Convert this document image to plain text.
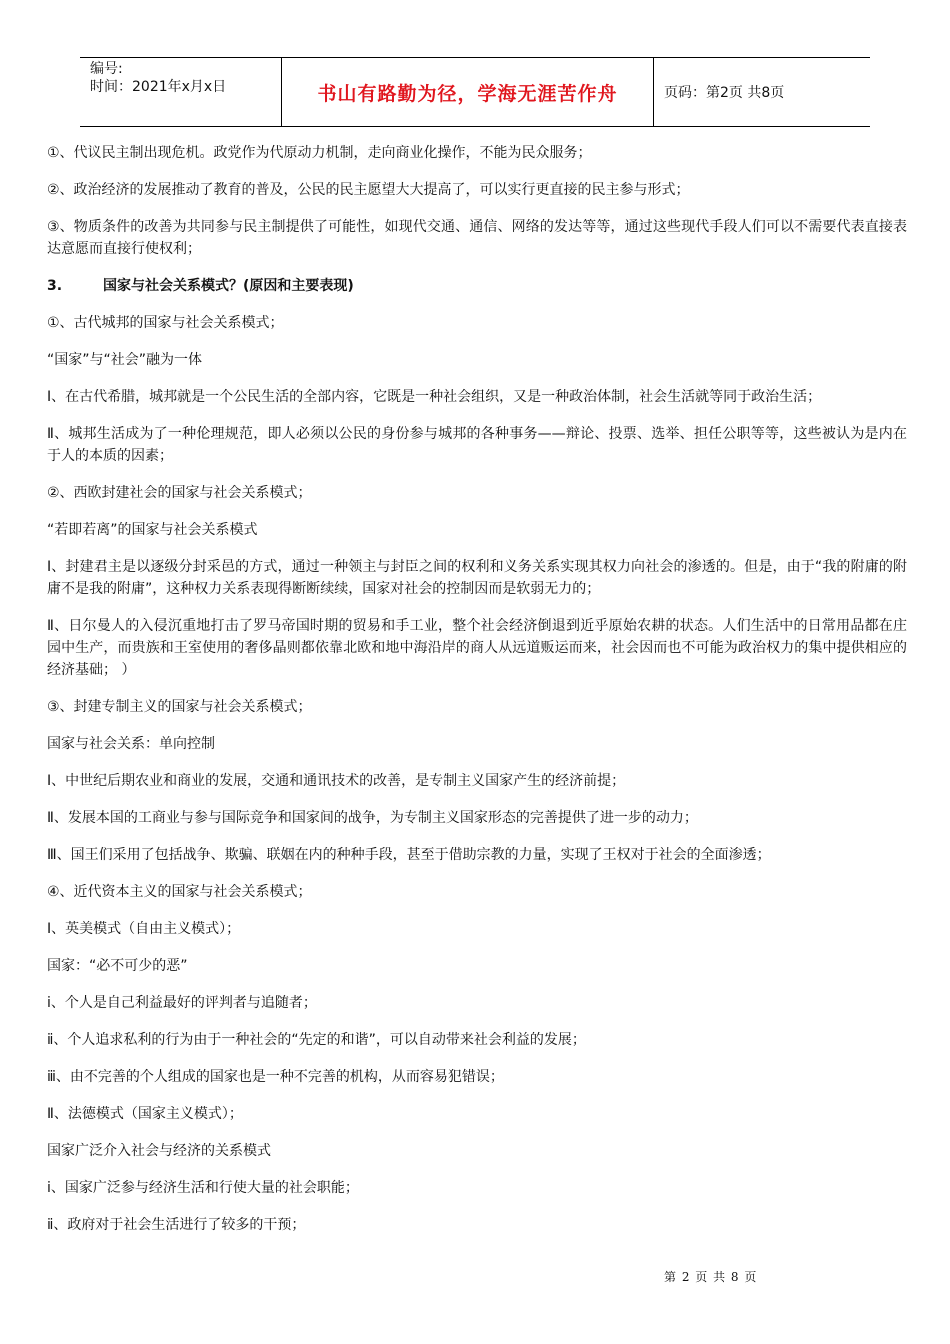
编号:
时间：2021年x月x日	书山有路勤为径，学海无涯苦作舟	页码：第2页 共8页

①、代议民主制出现危机。政党作为代原动力机制，走向商业化操作，不能为民众服务；

②、政治经济的发展推动了教育的普及，公民的民主愿望大大提高了，可以实行更直接的民主参与形式；

③、物质条件的改善为共同参与民主制提供了可能性，如现代交通、通信、网络的发达等等，通过这些现代手段人们可以不需要代表直接表达意愿而直接行使权利；

3.	国家与社会关系模式？(原因和主要表现)

①、古代城邦的国家与社会关系模式；

“国家”与“社会”融为一体

Ⅰ、在古代希腊，城邦就是一个公民生活的全部内容，它既是一种社会组织，又是一种政治体制，社会生活就等同于政治生活；

Ⅱ、城邦生活成为了一种伦理规范，即人必须以公民的身份参与城邦的各种事务——辩论、投票、选举、担任公职等等，这些被认为是内在于人的本质的因素；

②、西欧封建社会的国家与社会关系模式；

“若即若离”的国家与社会关系模式

Ⅰ、封建君主是以逐级分封采邑的方式，通过一种领主与封臣之间的权利和义务关系实现其权力向社会的渗透的。但是，由于“我的附庸的附庸不是我的附庸”，这种权力关系表现得断断续续，国家对社会的控制因而是软弱无力的；

Ⅱ、日尔曼人的入侵沉重地打击了罗马帝国时期的贸易和手工业，整个社会经济倒退到近乎原始农耕的状态。人们生活中的日常用品都在庄园中生产，而贵族和王室使用的奢侈晶则都依靠北欧和地中海沿岸的商人从远道贩运而来，社会因而也不可能为政治权力的集中提供相应的经济基础； ）

③、封建专制主义的国家与社会关系模式；

国家与社会关系：单向控制

Ⅰ、中世纪后期农业和商业的发展，交通和通讯技术的改善，是专制主义国家产生的经济前提；

Ⅱ、发展本国的工商业与参与国际竞争和国家间的战争，为专制主义国家形态的完善提供了进一步的动力；

Ⅲ、国王们采用了包括战争、欺骗、联姻在内的种种手段，甚至于借助宗教的力量，实现了王权对于社会的全面渗透；

④、近代资本主义的国家与社会关系模式；

Ⅰ、英美模式（自由主义模式）；

国家：“必不可少的恶”

ⅰ、个人是自己利益最好的评判者与追随者；

ⅱ、个人追求私利的行为由于一种社会的“先定的和谐”，可以自动带来社会利益的发展；

ⅲ、由不完善的个人组成的国家也是一种不完善的机构，从而容易犯错误；

Ⅱ、法德模式（国家主义模式）；

国家广泛介入社会与经济的关系模式

ⅰ、国家广泛参与经济生活和行使大量的社会职能；

ⅱ、政府对于社会生活进行了较多的干预；

第 2 页 共 8 页
